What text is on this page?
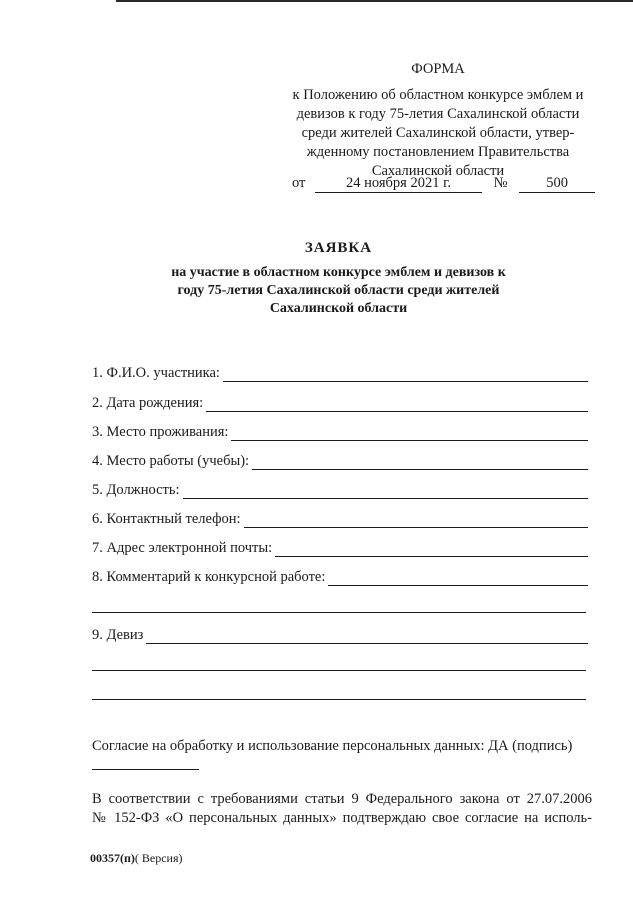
ФОРМА
к Положению об областном конкурсе эмблем и
девизов к году 75-летия Сахалинской области
среди жителей Сахалинской области, утвер-
жденному постановлением Правительства
Сахалинской области
от	24 ноября 2021 г.	№	500
ЗАЯВКА
на участие в областном конкурсе эмблем и девизов к
году 75-летия Сахалинской области среди жителей
Сахалинской области
1. Ф.И.О. участника:
2. Дата рождения:
3. Место проживания:
4. Место работы (учебы):
5. Должность:
6. Контактный телефон:
7. Адрес электронной почты:
8. Комментарий к конкурсной работе:
9. Девиз
Согласие на обработку и использование персональных данных: ДА (подпись)
В соответствии с требованиями статьи 9 Федерального закона от 27.07.2006
№ 152-ФЗ «О персональных данных» подтверждаю свое согласие на исполь-
00357(п)( Версия)
